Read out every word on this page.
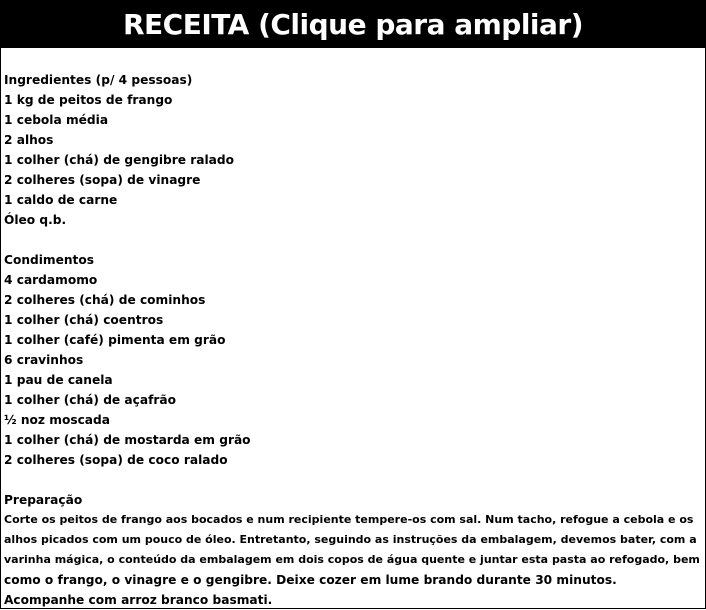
RECEITA (Clique para ampliar)
Ingredientes (p/ 4 pessoas)
1 kg de peitos de frango
1 cebola média
2 alhos
1 colher (chá) de gengibre ralado
2 colheres (sopa) de vinagre
1 caldo de carne
Óleo q.b.
Condimentos
4 cardamomo
2 colheres (chá) de cominhos
1 colher (chá) coentros
1 colher (café) pimenta em grão
6 cravinhos
1 pau de canela
1 colher (chá) de açafrão
½ noz moscada
1 colher (chá) de mostarda em grão
2 colheres (sopa) de coco ralado
Preparação
Corte os peitos de frango aos bocados e num recipiente tempere-os com sal. Num tacho, refogue a cebola e os
alhos picados com um pouco de óleo. Entretanto, seguindo as instruções da embalagem, devemos bater, com a
varinha mágica, o conteúdo da embalagem em dois copos de água quente e juntar esta pasta ao refogado, bem
como o frango, o vinagre e o gengibre. Deixe cozer em lume brando durante 30 minutos.
Acompanhe com arroz branco basmati.
